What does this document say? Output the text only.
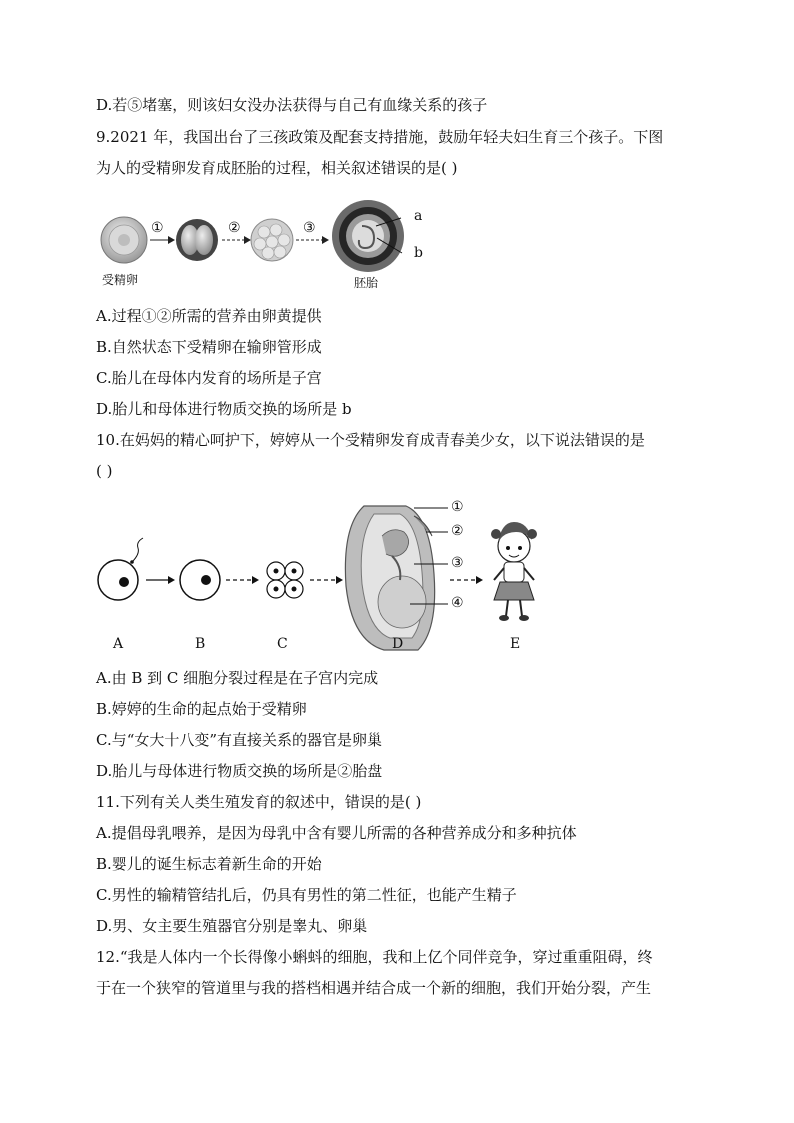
D.若⑤堵塞，则该妇女没办法获得与自己有血缘关系的孩子
9.2021 年，我国出台了三孩政策及配套支持措施，鼓励年轻夫妇生育三个孩子。下图
为人的受精卵发育成胚胎的过程，相关叙述错误的是( )
①	②	③
a
b
受精卵	胚胎
A.过程①②所需的营养由卵黄提供
B.自然状态下受精卵在输卵管形成
C.胎儿在母体内发育的场所是子宫
D.胎儿和母体进行物质交换的场所是 b
10.在妈妈的精心呵护下，婷婷从一个受精卵发育成青春美少女，以下说法错误的是
( )
①
②
③
④
A	B	C	D	E
A.由 B 到 C 细胞分裂过程是在子宫内完成
B.婷婷的生命的起点始于受精卵
C.与“女大十八变”有直接关系的器官是卵巢
D.胎儿与母体进行物质交换的场所是②胎盘
11.下列有关人类生殖发育的叙述中，错误的是( )
A.提倡母乳喂养，是因为母乳中含有婴儿所需的各种营养成分和多种抗体
B.婴儿的诞生标志着新生命的开始
C.男性的输精管结扎后，仍具有男性的第二性征，也能产生精子
D.男、女主要生殖器官分别是睾丸、卵巢
12.“我是人体内一个长得像小蝌蚪的细胞，我和上亿个同伴竞争，穿过重重阻碍，终
于在一个狭窄的管道里与我的搭档相遇并结合成一个新的细胞，我们开始分裂，产生
